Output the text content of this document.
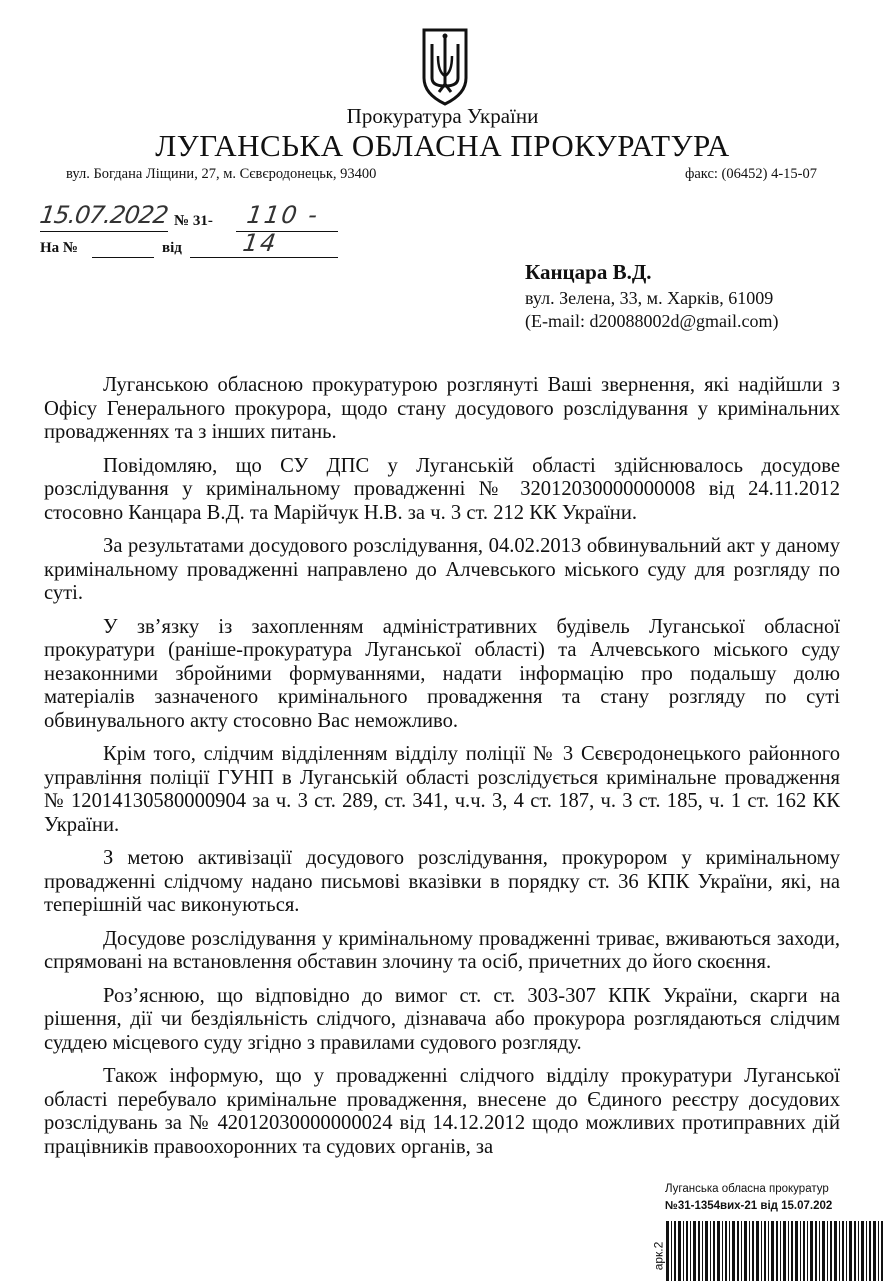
Прокуратура України
ЛУГАНСЬКА ОБЛАСНА ПРОКУРАТУРА
вул. Богдана Ліщини, 27, м. Сєвєродонецьк, 93400	факс: (06452) 4-15-07
15.07.2022 № 31- 110 - 14
На №	від
Канцара В.Д.
вул. Зелена, 33, м. Харків, 61009
(E-mail: d20088002d@gmail.com)

Луганською обласною прокуратурою розглянуті Ваші звернення, які надійшли з Офісу Генерального прокурора, щодо стану досудового розслідування у кримінальних провадженнях та з інших питань.

Повідомляю, що СУ ДПС у Луганській області здійснювалось досудове розслідування у кримінальному провадженні № 32012030000000008 від 24.11.2012 стосовно Канцара В.Д. та Марійчук Н.В. за ч. 3 ст. 212 КК України.

За результатами досудового розслідування, 04.02.2013 обвинувальний акт у даному кримінальному провадженні направлено до Алчевського міського суду для розгляду по суті.

У зв’язку із захопленням адміністративних будівель Луганської обласної прокуратури (раніше-прокуратура Луганської області) та Алчевського міського суду незаконними збройними формуваннями, надати інформацію про подальшу долю матеріалів зазначеного кримінального провадження та стану розгляду по суті обвинувального акту стосовно Вас неможливо.

Крім того, слідчим відділенням відділу поліції № 3 Сєвєродонецького районного управління поліції ГУНП в Луганській області розслідується кримінальне провадження № 12014130580000904 за ч. 3 ст. 289, ст. 341, ч.ч. 3, 4 ст. 187, ч. 3 ст. 185, ч. 1 ст. 162 КК України.

З метою активізації досудового розслідування, прокурором у кримінальному провадженні слідчому надано письмові вказівки в порядку ст. 36 КПК України, які, на теперішній час виконуються.

Досудове розслідування у кримінальному провадженні триває, вживаються заходи, спрямовані на встановлення обставин злочину та осіб, причетних до його скоєння.

Роз’яснюю, що відповідно до вимог ст. ст. 303-307 КПК України, скарги на рішення, дії чи бездіяльність слідчого, дізнавача або прокурора розглядаються слідчим суддею місцевого суду згідно з правилами судового розгляду.

Також інформую, що у провадженні слідчого відділу прокуратури Луганської області перебувало кримінальне провадження, внесене до Єдиного реєстру досудових розслідувань за № 42012030000000024 від 14.12.2012 щодо можливих протиправних дій працівників правоохоронних та судових органів, за

Луганська обласна прокуратур
№31-1354вих-21 від 15.07.202
арк.2
